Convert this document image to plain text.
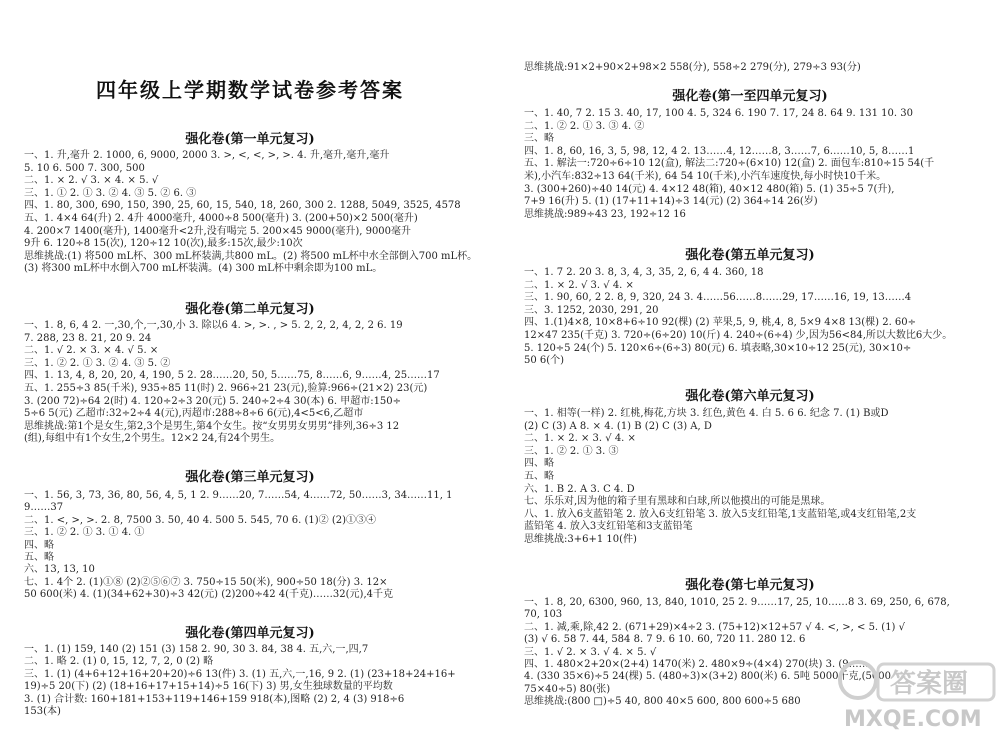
四年级上学期数学试卷参考答案
强化卷(第一单元复习)
一、1. 升,毫升 2. 1000, 6, 9000, 2000 3. >, <, <, >, >. 4. 升,毫升,毫升,毫升
5. 10 6. 500 7. 300, 500
二、1. × 2. √ 3. × 4. × 5. √
三、1. ① 2. ① 3. ② 4. ③ 5. ② 6. ③
四、1. 80, 300, 690, 150, 390, 25, 60, 15, 540, 18, 260, 300 2. 1288, 5049, 3525, 4578
五、1. 4×4 64(升) 2. 4升 4000毫升, 4000÷8 500(毫升) 3. (200+50)×2 500(毫升)
4. 200×7 1400(毫升), 1400毫升<2升,没有喝完 5. 200×45 9000(毫升), 9000毫升
9升 6. 120÷8 15(次), 120÷12 10(次),最多:15次,最少:10次
思维挑战:(1) 将500 mL杯、300 mL杯装满,共800 mL。(2) 将500 mL杯中水全部倒入700 mL杯。
(3) 将300 mL杯中水倒入700 mL杯装满。(4) 300 mL杯中剩余即为100 mL。
强化卷(第二单元复习)
一、1. 8, 6, 4 2. 一,30,个,一,30,小 3. 除以6 4. >, >. , > 5. 2, 2, 2, 4, 2, 2 6. 19
7. 288, 23 8. 21, 20 9. 24
二、1. √ 2. × 3. × 4. √ 5. ×
三、1. ② 2. ① 3. ② 4. ③ 5. ②
四、1. 13, 4, 8, 20, 20, 4, 190, 5 2. 28……20, 50, 5……75, 8……6, 9……4, 25……17
五、1. 255÷3 85(千米), 935÷85 11(时) 2. 966÷21 23(元),验算:966÷(21×2) 23(元)
3. (200 72)÷64 2(时) 4. 120÷2÷3 20(元) 5. 240÷2÷4 30(本) 6. 甲超市:150÷
5÷6 5(元) 乙超市:32÷2÷4 4(元),丙超市:288÷8÷6 6(元),4<5<6,乙超市
思维挑战:第1个是女生,第2,3个是男生,第4个女生。按“女男男女男男”排列,36÷3 12
(组),每组中有1个女生,2个男生。12×2 24,有24个男生。
强化卷(第三单元复习)
一、1. 56, 3, 73, 36, 80, 56, 4, 5, 1 2. 9……20, 7……54, 4……72, 50……3, 34……11, 1
9……37
二、1. <, >, >. 2. 8, 7500 3. 50, 40 4. 500 5. 545, 70 6. (1)② (2)①③④
三、1. ② 2. ① 3. ① 4. ①
四、略
五、略
六、13, 13, 10
七、1. 4个 2. (1)①⑧ (2)②⑤⑥⑦ 3. 750÷15 50(米), 900÷50 18(分) 3. 12×
50 600(米) 4. (1)(34+62+30)÷3 42(元) (2)200÷42 4(千克)……32(元),4千克
强化卷(第四单元复习)
一、1. (1) 159, 140 (2) 151 (3) 158 2. 90, 30 3. 84, 38 4. 五,六,一,四,7
二、1. 略 2. (1) 0, 15, 12, 7, 2, 0 (2) 略
三、1. (1) (4+6+12+16+20+20)÷6 13(件) 3. (1) 五,六,一,16, 9 2. (1) (23+18+24+16+
19)÷5 20(下) (2) (18+16+17+15+14)÷5 16(下) 3) 男,女生独球数量的平均数
3. (1) 合计数: 160+181+153+119+146+159 918(本),图略 (2) 2, 4 (3) 918÷6
153(本)
思维挑战:91×2+90×2+98×2 558(分), 558÷2 279(分), 279÷3 93(分)
强化卷(第一至四单元复习)
一、1. 40, 7 2. 15 3. 40, 17, 100 4. 5, 324 6. 190 7. 17, 24 8. 64 9. 131 10. 30
二、1. ② 2. ① 3. ③ 4. ②
三、略
四、1. 8, 60, 16, 3, 5, 98, 12, 4 2. 13……4, 12……8, 3……7, 6……10, 5, 8……1
五、1. 解法一:720÷6÷10 12(盒), 解法二:720÷(6×10) 12(盒) 2. 面包车:810÷15 54(千
米),小汽车:832÷13 64(千米), 64 54 10(千米),小汽车速度快,每小时快10千米。
3. (300+260)÷40 14(元) 4. 4×12 48(箱), 40×12 480(箱) 5. (1) 35÷5 7(升),
7+9 16(升) 5. (1) (17+11+14)÷3 14(元) (2) 364÷14 26(岁)
思维挑战:989÷43 23, 192÷12 16
强化卷(第五单元复习)
一、1. 7 2. 20 3. 8, 3, 4, 3, 35, 2, 6, 4 4. 360, 18
二、1. × 2. √ 3. √ 4. ×
三、1. 90, 60, 2 2. 8, 9, 320, 24 3. 4……56……8……29, 17……16, 19, 13……4
三、3. 1252, 2030, 291, 20
四、1.(1)4×8, 10×8+6÷10 92(棵) (2) 苹果,5, 9, 桃,4, 8, 5×9 4×8 13(棵) 2. 60÷
12×47 235(千克) 3. 720÷(6÷20) 10(斤) 4. 240÷(6÷4) 少,因为56<84,所以大数比6大少。
5. 120÷5 24(个) 5. 120×6÷(6÷3) 80(元) 6. 填表略,30×10÷12 25(元), 30×10÷
50 6(个)
强化卷(第六单元复习)
一、1. 相等(一样) 2. 红桃,梅花,方块 3. 红色,黄色 4. 白 5. 6 6. 纪念 7. (1) B或D
(2) C (3) A 8. × 4. (1) B (2) C (3) A, D
二、1. × 2. × 3. √ 4. ×
三、1. ② 2. ① 3. ③
四、略
五、略
六、1. B 2. A 3. C 4. D
七、乐乐对,因为他的箱子里有黑球和白球,所以他摸出的可能是黑球。
八、1. 放入6支蓝铅笔 2. 放入6支红铅笔 3. 放入5支红铅笔,1支蓝铅笔,或4支红铅笔,2支
蓝铅笔 4. 放入3支红铅笔和3支蓝铅笔
思维挑战:3+6+1 10(件)
强化卷(第七单元复习)
一、1. 8, 20, 6300, 960, 13, 840, 1010, 25 2. 9……17, 25, 10……8 3. 69, 250, 6, 678,
70, 103
二、1. 减,乘,除,42 2. (671+29)×4÷2 3. (75+12)×12+57 √ 4. <, >, < 5. (1) √
(3) √ 6. 58 7. 44, 584 8. 7 9. 6 10. 60, 720 11. 280 12. 6
三、1. √ 2. × 3. √ 4. × 5. √
四、1. 480×2+20×(2+4) 1470(米) 2. 480×9÷(4×4) 270(块) 3. (9……
4. (330 35×6)÷5 24(棵) 5. (480÷3)×(3+2) 800(米) 6. 5吨 5000千克,(5000
75×40÷5) 80(张)
思维挑战:(800 □)÷5 40, 800 40×5 600, 800 600÷5 680
答案圈
MXQE.COM
